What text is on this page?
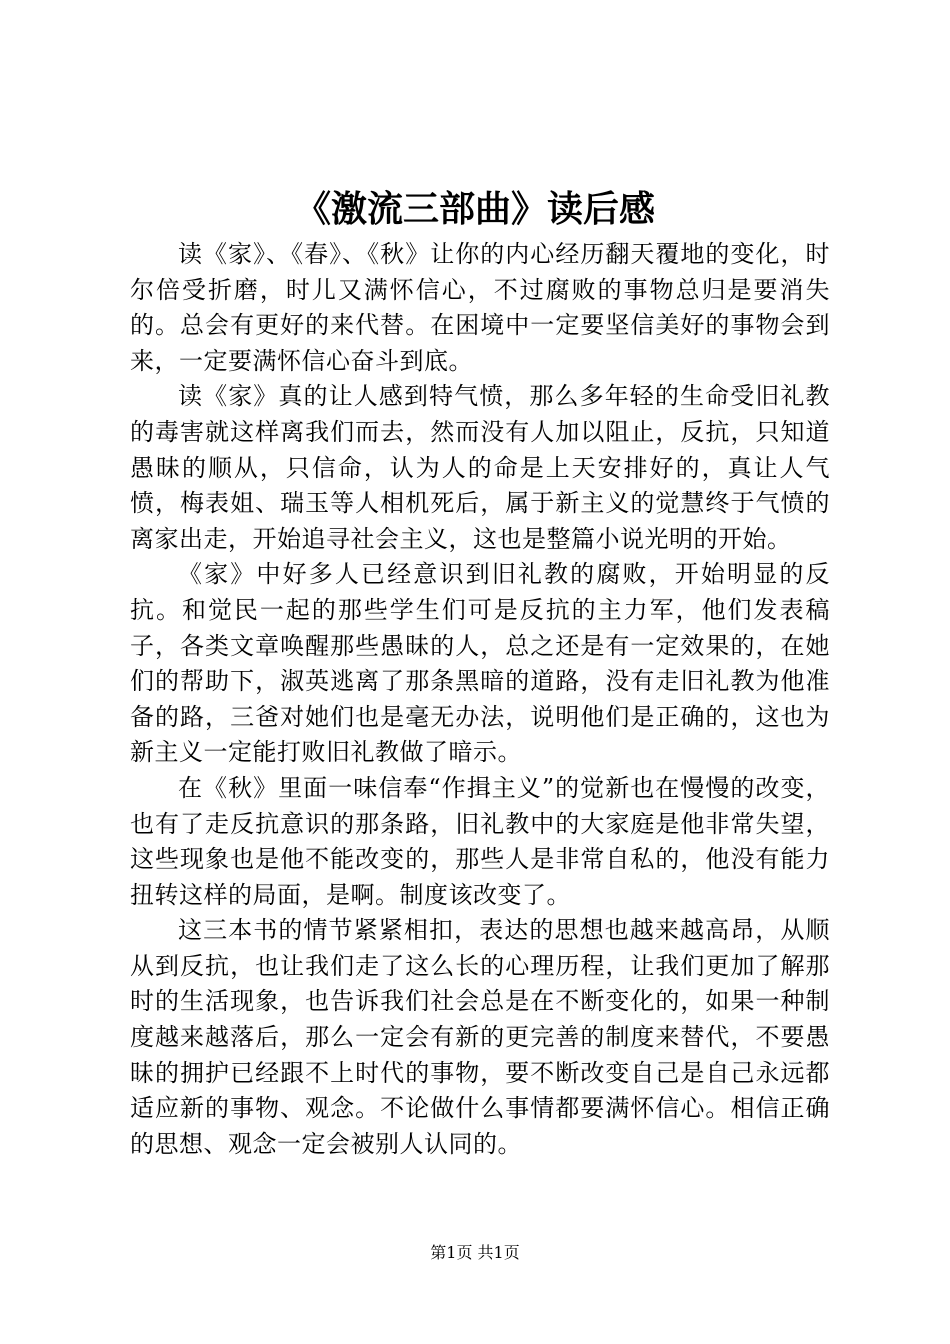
《激流三部曲》读后感

读《家》、《春》、《秋》让你的内心经历翻天覆地的变化，时尔倍受折磨，时儿又满怀信心，不过腐败的事物总归是要消失的。总会有更好的来代替。在困境中一定要坚信美好的事物会到来，一定要满怀信心奋斗到底。

读《家》真的让人感到特气愤，那么多年轻的生命受旧礼教的毒害就这样离我们而去，然而没有人加以阻止，反抗，只知道愚昧的顺从，只信命，认为人的命是上天安排好的，真让人气愤，梅表姐、瑞玉等人相机死后，属于新主义的觉慧终于气愤的离家出走，开始追寻社会主义，这也是整篇小说光明的开始。

《家》中好多人已经意识到旧礼教的腐败，开始明显的反抗。和觉民一起的那些学生们可是反抗的主力军，他们发表稿子，各类文章唤醒那些愚昧的人，总之还是有一定效果的，在她们的帮助下，淑英逃离了那条黑暗的道路，没有走旧礼教为他准备的路，三爸对她们也是毫无办法，说明他们是正确的，这也为新主义一定能打败旧礼教做了暗示。

在《秋》里面一味信奉“作揖主义”的觉新也在慢慢的改变，也有了走反抗意识的那条路，旧礼教中的大家庭是他非常失望，这些现象也是他不能改变的，那些人是非常自私的，他没有能力扭转这样的局面，是啊。制度该改变了。

这三本书的情节紧紧相扣，表达的思想也越来越高昂，从顺从到反抗，也让我们走了这么长的心理历程，让我们更加了解那时的生活现象，也告诉我们社会总是在不断变化的，如果一种制度越来越落后，那么一定会有新的更完善的制度来替代，不要愚昧的拥护已经跟不上时代的事物，要不断改变自己是自己永远都适应新的事物、观念。不论做什么事情都要满怀信心。相信正确的思想、观念一定会被别人认同的。

第1页 共1页
